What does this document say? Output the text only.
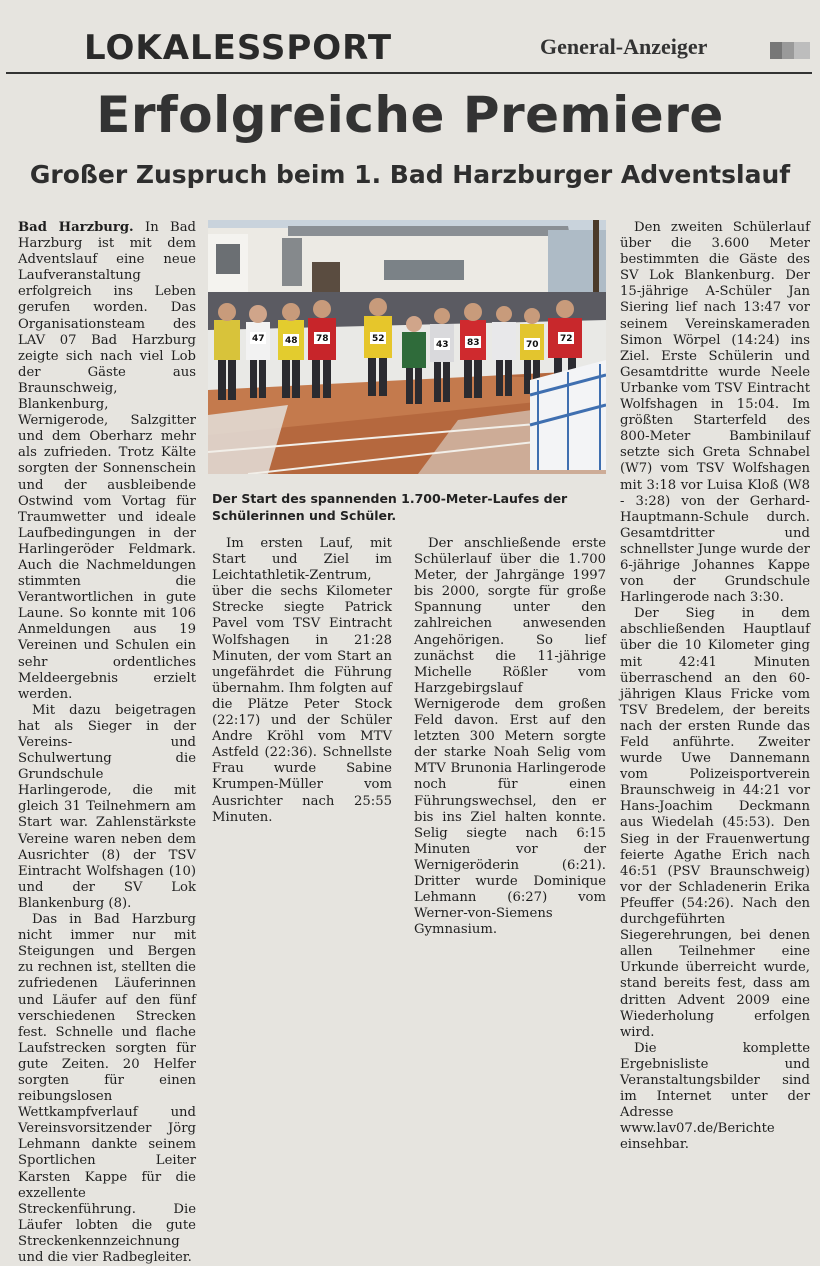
LOKALESSPORT	General-Anzeiger
Erfolgreiche Premiere
Großer Zuspruch beim 1. Bad Harzburger Adventslauf
47 48 78	52
43 83	70
72
Der Start des spannenden 1.700-Meter-Laufes der Schülerinnen und Schüler.

Bad Harzburg. In Bad Harzburg ist mit dem Adventslauf eine neue Laufveranstaltung erfolgreich ins Leben gerufen worden. Das Organisationsteam des LAV 07 Bad Harzburg zeigte sich nach viel Lob der Gäste aus Braunschweig, Blankenburg, Wernigerode, Salzgitter und dem Oberharz mehr als zufrieden. Trotz Kälte sorgten der Sonnenschein und der ausbleibende Ostwind vom Vortag für Traumwetter und ideale Laufbedingungen in der Harlingeröder Feldmark. Auch die Nachmeldungen stimmten die Verantwortlichen in gute Laune. So konnte mit 106 Anmeldungen aus 19 Vereinen und Schulen ein sehr ordentliches Meldeergebnis erzielt werden.

Mit dazu beigetragen hat als Sieger in der Vereins- und Schulwertung die Grundschule Harlingerode, die mit gleich 31 Teilnehmern am Start war. Zahlenstärkste Vereine waren neben dem Ausrichter (8) der TSV Eintracht Wolfshagen (10) und der SV Lok Blankenburg (8).

Das in Bad Harzburg nicht immer nur mit Steigungen und Bergen zu rechnen ist, stellten die zufriedenen Läuferinnen und Läufer auf den fünf verschiedenen Strecken fest. Schnelle und flache Laufstrecken sorgten für gute Zeiten. 20 Helfer sorgten für einen reibungslosen Wettkampfverlauf und Vereinsvorsitzender Jörg Lehmann dankte seinem Sportlichen Leiter Karsten Kappe für die exzellente Streckenführung. Die Läufer lobten die gute Streckenkennzeichnung und die vier Radbegleiter.

Im ersten Lauf, mit Start und Ziel im Leichtathletik-Zentrum, über die sechs Kilometer Strecke siegte Patrick Pavel vom TSV Eintracht Wolfshagen in 21:28 Minuten, der vom Start an ungefährdet die Führung übernahm. Ihm folgten auf die Plätze Peter Stock (22:17) und der Schüler Andre Kröhl vom MTV Astfeld (22:36). Schnellste Frau wurde Sabine Krumpen-Müller vom Ausrichter nach 25:55 Minuten.

Der anschließende erste Schülerlauf über die 1.700 Meter, der Jahrgänge 1997 bis 2000, sorgte für große Spannung unter den zahlreichen anwesenden Angehörigen. So lief zunächst die 11-jährige Michelle Rößler vom Harzgebirgslauf Wernigerode dem großen Feld davon. Erst auf den letzten 300 Metern sorgte der starke Noah Selig vom MTV Brunonia Harlingerode noch für einen Führungswechsel, den er bis ins Ziel halten konnte. Selig siegte nach 6:15 Minuten vor der Wernigeröderin (6:21). Dritter wurde Dominique Lehmann (6:27) vom Werner-von-Siemens Gymnasium.

Den zweiten Schülerlauf über die 3.600 Meter bestimmten die Gäste des SV Lok Blankenburg. Der 15-jährige A-Schüler Jan Siering lief nach 13:47 vor seinem Vereinskameraden Simon Wörpel (14:24) ins Ziel. Erste Schülerin und Gesamtdritte wurde Neele Urbanke vom TSV Eintracht Wolfshagen in 15:04. Im größten Starterfeld des 800-Meter Bambinilauf setzte sich Greta Schnabel (W7) vom TSV Wolfshagen mit 3:18 vor Luisa Kloß (W8 - 3:28) von der Gerhard-Hauptmann-Schule durch. Gesamtdritter und schnellster Junge wurde der 6-jährige Johannes Kappe von der Grundschule Harlingerode nach 3:30.

Der Sieg in dem abschließenden Hauptlauf über die 10 Kilometer ging mit 42:41 Minuten überraschend an den 60-jährigen Klaus Fricke vom TSV Bredelem, der bereits nach der ersten Runde das Feld anführte. Zweiter wurde Uwe Dannemann vom Polizeisportverein Braunschweig in 44:21 vor Hans-Joachim Deckmann aus Wiedelah (45:53). Den Sieg in der Frauenwertung feierte Agathe Erich nach 46:51 (PSV Braunschweig) vor der Schladenerin Erika Pfeuffer (54:26). Nach den durchgeführten Siegerehrungen, bei denen allen Teilnehmer eine Urkunde überreicht wurde, stand bereits fest, dass am dritten Advent 2009 eine Wiederholung erfolgen wird.

Die komplette Ergebnisliste und Veranstaltungsbilder sind im Internet unter der Adresse www.lav07.de/Berichte einsehbar.
